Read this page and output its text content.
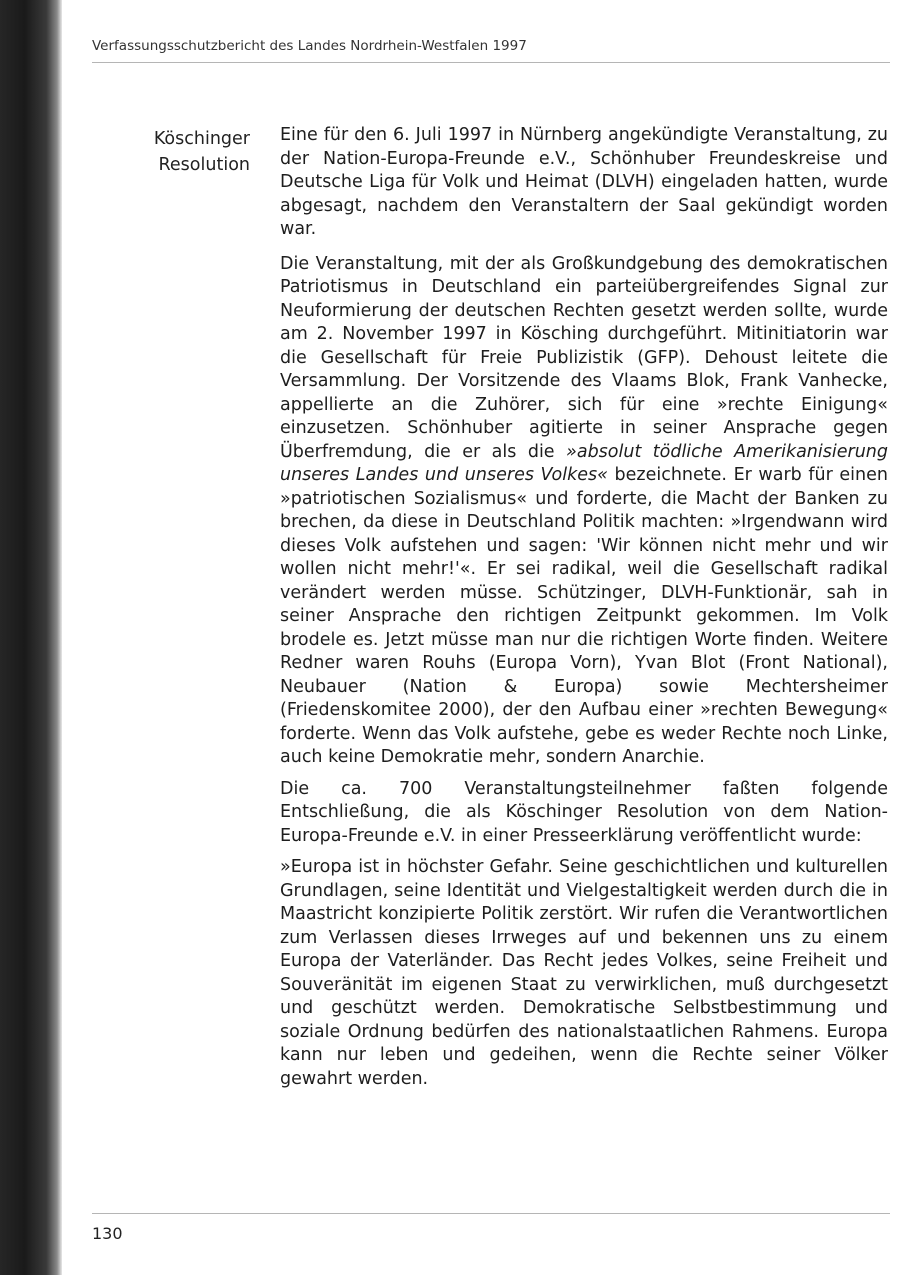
Verfassungsschutzbericht des Landes Nordrhein-Westfalen 1997
Köschinger
Resolution

Eine für den 6. Juli 1997 in Nürnberg angekündigte Veranstaltung, zu der Nation-Europa-Freunde e.V., Schönhuber Freundeskreise und Deutsche Liga für Volk und Heimat (DLVH) eingeladen hatten, wurde abgesagt, nachdem den Veranstaltern der Saal gekündigt worden war.

Die Veranstaltung, mit der als Großkundgebung des demokratischen Patriotismus in Deutschland ein parteiübergreifendes Signal zur Neuformierung der deutschen Rechten gesetzt werden sollte, wurde am 2. November 1997 in Kösching durchgeführt. Mitinitiatorin war die Gesellschaft für Freie Publizistik (GFP). Dehoust leitete die Versammlung. Der Vorsitzende des Vlaams Blok, Frank Vanhecke, appellierte an die Zuhörer, sich für eine »rechte Einigung« einzusetzen. Schönhuber agitierte in seiner Ansprache gegen Überfremdung, die er als die »absolut tödliche Amerikanisierung unseres Landes und unseres Volkes« bezeichnete. Er warb für einen »patriotischen Sozialismus« und forderte, die Macht der Banken zu brechen, da diese in Deutschland Politik machten: »Irgendwann wird dieses Volk aufstehen und sagen: 'Wir können nicht mehr und wir wollen nicht mehr!'«. Er sei radikal, weil die Gesellschaft radikal verändert werden müsse. Schützinger, DLVH-Funktionär, sah in seiner Ansprache den richtigen Zeitpunkt gekommen. Im Volk brodele es. Jetzt müsse man nur die richtigen Worte finden. Weitere Redner waren Rouhs (Europa Vorn), Yvan Blot (Front National), Neubauer (Nation & Europa) sowie Mechtersheimer (Friedenskomitee 2000), der den Aufbau einer »rechten Bewegung« forderte. Wenn das Volk aufstehe, gebe es weder Rechte noch Linke, auch keine Demokratie mehr, sondern Anarchie.

Die ca. 700 Veranstaltungsteilnehmer faßten folgende Entschließung, die als Köschinger Resolution von dem Nation-Europa-Freunde e.V. in einer Presseerklärung veröffentlicht wurde:

»Europa ist in höchster Gefahr. Seine geschichtlichen und kulturellen Grundlagen, seine Identität und Vielgestaltigkeit werden durch die in Maastricht konzipierte Politik zerstört. Wir rufen die Verantwortlichen zum Verlassen dieses Irrweges auf und bekennen uns zu einem Europa der Vaterländer. Das Recht jedes Volkes, seine Freiheit und Souveränität im eigenen Staat zu verwirklichen, muß durchgesetzt und geschützt werden. Demokratische Selbstbestimmung und soziale Ordnung bedürfen des nationalstaatlichen Rahmens. Europa kann nur leben und gedeihen, wenn die Rechte seiner Völker gewahrt werden.

130
